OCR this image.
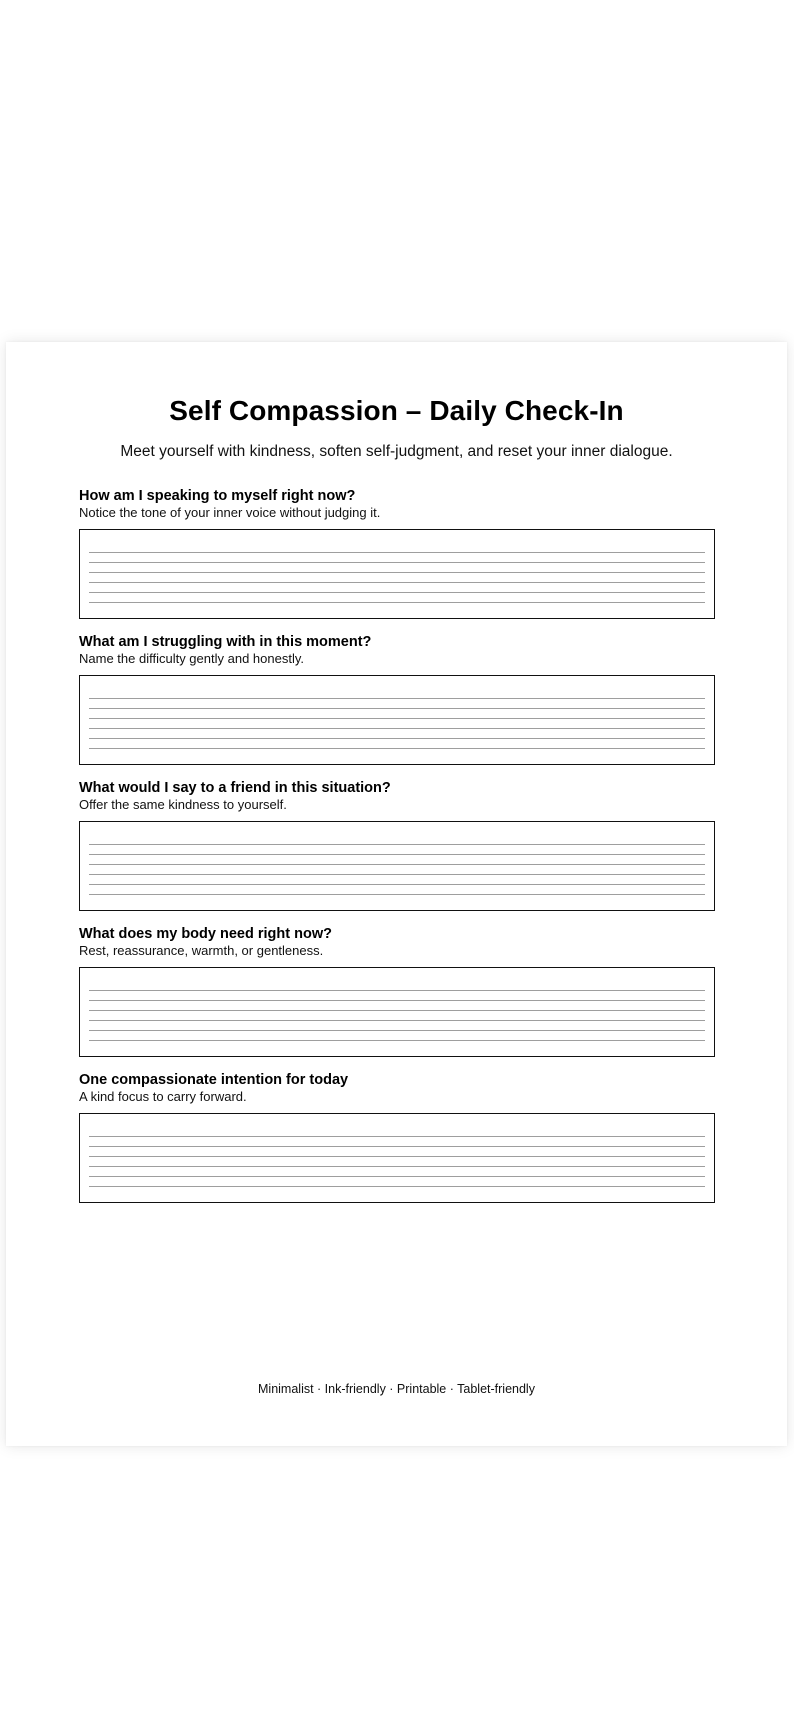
Self Compassion – Daily Check-In

Meet yourself with kindness, soften self-judgment, and reset your inner dialogue.

How am I speaking to myself right now?

Notice the tone of your inner voice without judging it.

What am I struggling with in this moment?

Name the difficulty gently and honestly.

What would I say to a friend in this situation?

Offer the same kindness to yourself.

What does my body need right now?

Rest, reassurance, warmth, or gentleness.

One compassionate intention for today

A kind focus to carry forward.

Minimalist · Ink-friendly · Printable · Tablet-friendly
